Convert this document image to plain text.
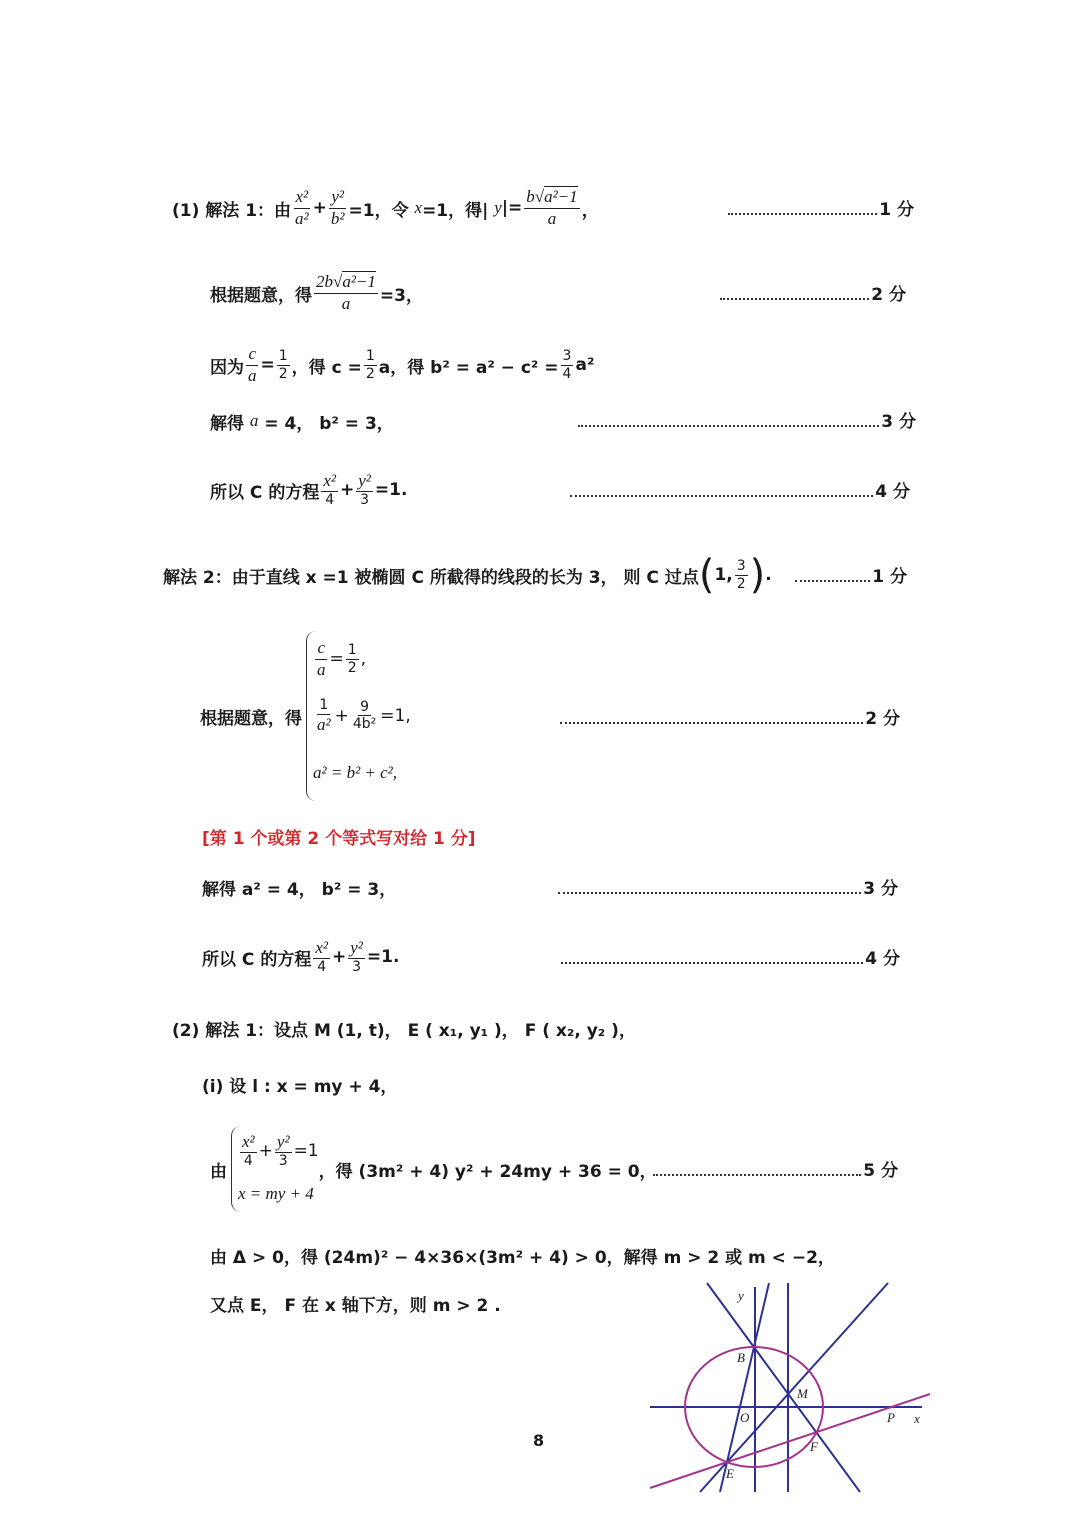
(1) 解法 1：由 $\frac{\text{x²}}{\text{a²}} + \frac{\text{y²}}{\text{b²}} =1$，令 x =1，得| y |= $\frac{\text{b√a²−1}}{a}$ ，	1 分
根据题意，得 $\frac{\text{2b√a²−1}}{a} =3$，	2 分
因为 $\frac{c}{a} = \frac{1}{2}$ ，得 $c = \frac{1}{2}$ a，得 $b^2 = a^2 - c^2 = \frac{3}{4} a^2$
解得 a = 4， b² = 3，	3 分
所以 C 的方程 $\frac{\text{x²}}{4} + \frac{\text{y²}}{3} =1$.	4 分
解法 2：由于直线 x =1 被椭圆 C 所截得的线段的长为 3， 则 C 过点 ( 1, $\frac{3}{2}$ ) .	1 分
根据题意，得
$\frac{c}{a} = \frac{1}{2}$ ,
$\frac{1}{\text{a²}} + \frac{9}{\text{4b²}} =1$,
a² = b² + c²,
2 分
[第 1 个或第 2 个等式写对给 1 分]
解得 a² = 4， b² = 3，	3 分
所以 C 的方程 $\frac{\text{x²}}{4} + \frac{\text{y²}}{3} =1$.	4 分
(2) 解法 1：设点 M (1, t)， E ( x₁, y₁ )， F ( x₂, y₂ )，
(i) 设 l : x = my + 4，
由
$\frac{\text{x²}}{4} + \frac{\text{y²}}{3} =1$
x = my + 4
，得 (3m² + 4) y² + 24my + 36 = 0，	5 分
由 Δ > 0，得 (24m)² − 4×36×(3m² + 4) > 0，解得 m > 2 或 m < −2，
又点 E， F 在 x 轴下方，则 m > 2 .	y
B
M
O	P x
F
E
8
